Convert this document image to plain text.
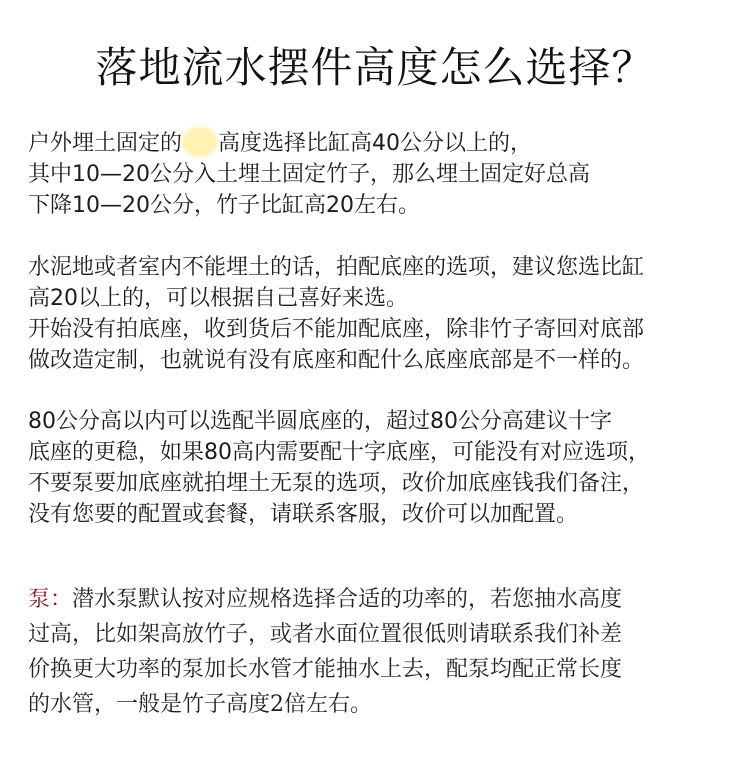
落地流水摆件高度怎么选择？
户外埋土固定的 高度选择比缸高40公分以上的，
其中10—20公分入土埋土固定竹子，那么埋土固定好总高
下降10—20公分，竹子比缸高20左右。
水泥地或者室内不能埋土的话，拍配底座的选项，建议您选比缸
高20以上的，可以根据自己喜好来选。
开始没有拍底座，收到货后不能加配底座，除非竹子寄回对底部
做改造定制，也就说有没有底座和配什么底座底部是不一样的。
80公分高以内可以选配半圆底座的，超过80公分高建议十字
底座的更稳，如果80高内需要配十字底座，可能没有对应选项，
不要泵要加底座就拍埋土无泵的选项，改价加底座钱我们备注，
没有您要的配置或套餐，请联系客服，改价可以加配置。
泵：潜水泵默认按对应规格选择合适的功率的，若您抽水高度
过高，比如架高放竹子，或者水面位置很低则请联系我们补差
价换更大功率的泵加长水管才能抽水上去，配泵均配正常长度
的水管，一般是竹子高度2倍左右。
